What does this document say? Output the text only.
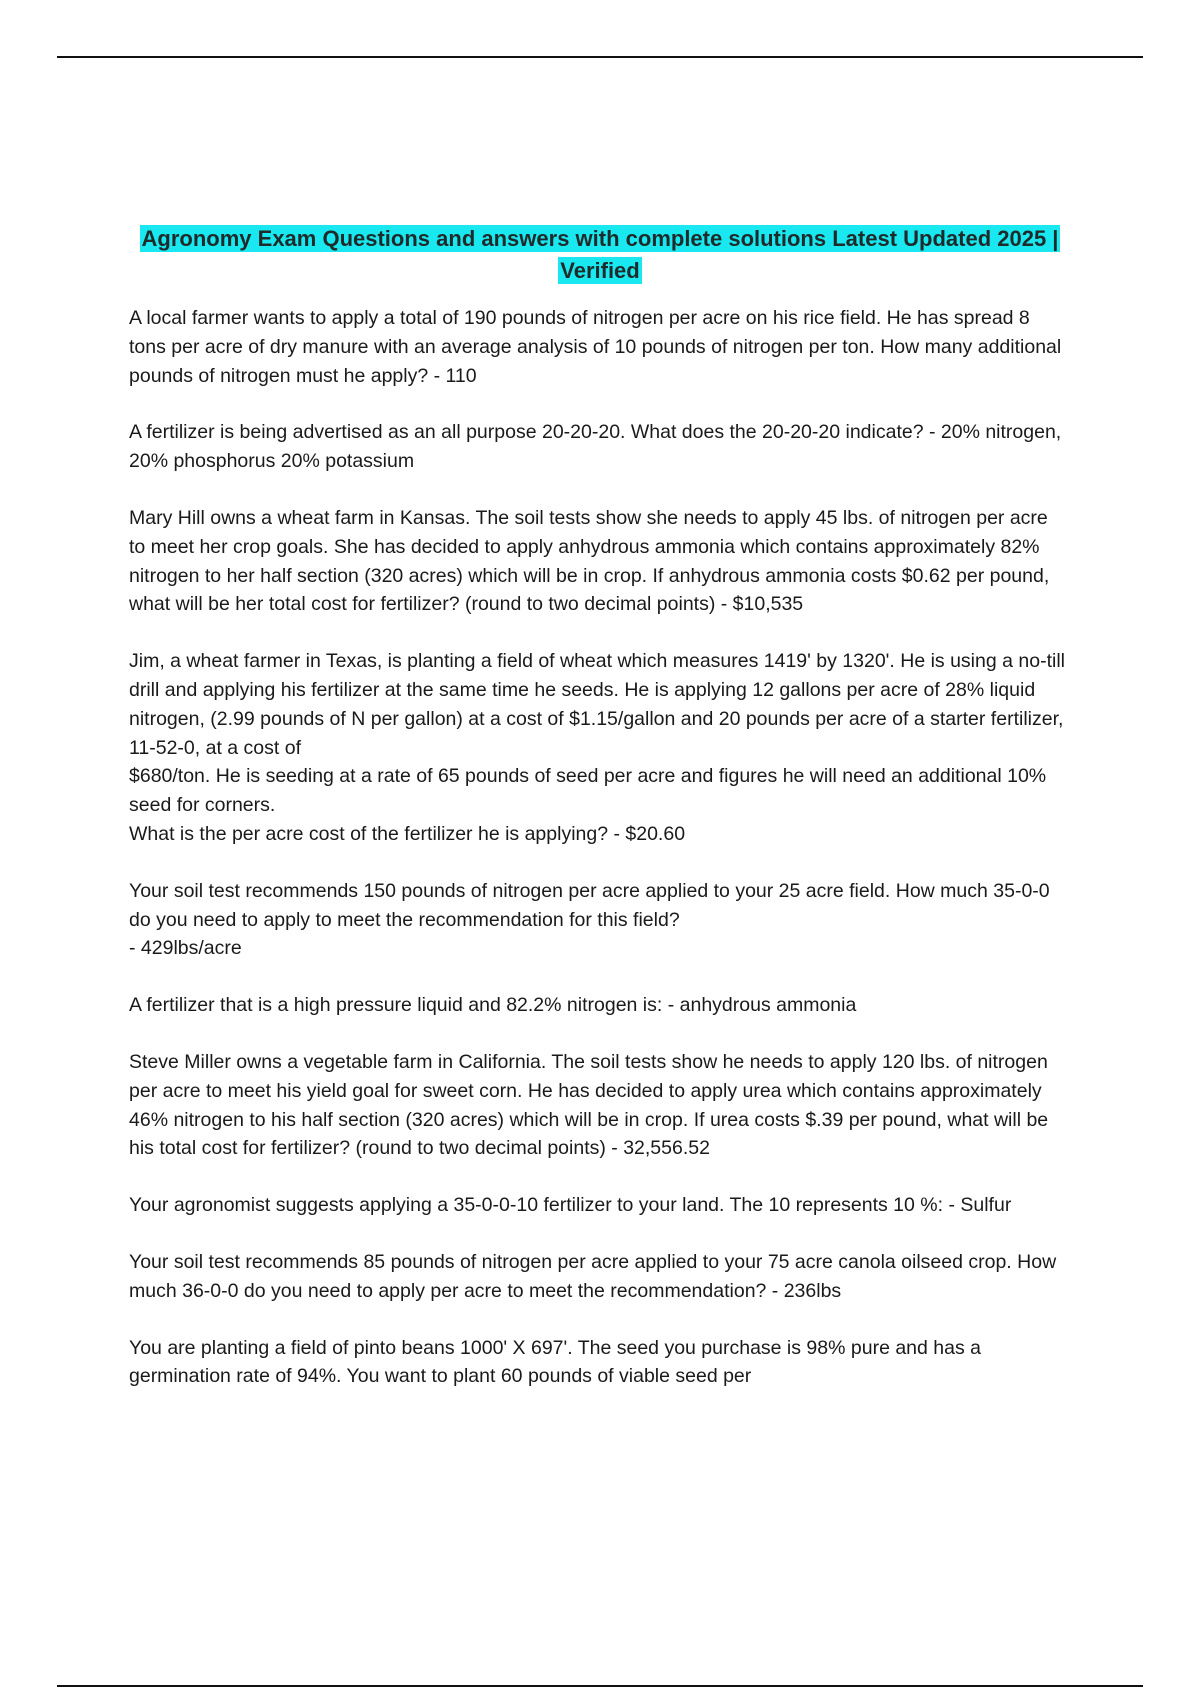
Agronomy Exam Questions and answers with complete solutions Latest Updated 2025 | Verified

A local farmer wants to apply a total of 190 pounds of nitrogen per acre on his rice field. He has spread 8 tons per acre of dry manure with an average analysis of 10 pounds of nitrogen per ton. How many additional pounds of nitrogen must he apply? - 110

A fertilizer is being advertised as an all purpose 20-20-20. What does the 20-20-20 indicate? - 20% nitrogen, 20% phosphorus 20% potassium

Mary Hill owns a wheat farm in Kansas. The soil tests show she needs to apply 45 lbs. of nitrogen per acre to meet her crop goals. She has decided to apply anhydrous ammonia which contains approximately 82% nitrogen to her half section (320 acres) which will be in crop. If anhydrous ammonia costs $0.62 per pound, what will be her total cost for fertilizer? (round to two decimal points) - $10,535

Jim, a wheat farmer in Texas, is planting a field of wheat which measures 1419' by 1320'. He is using a no-till drill and applying his fertilizer at the same time he seeds. He is applying 12 gallons per acre of 28% liquid nitrogen, (2.99 pounds of N per gallon) at a cost of $1.15/gallon and 20 pounds per acre of a starter fertilizer, 11-52-0, at a cost of

$680/ton. He is seeding at a rate of 65 pounds of seed per acre and figures he will need an additional 10% seed for corners.

What is the per acre cost of the fertilizer he is applying? - $20.60

Your soil test recommends 150 pounds of nitrogen per acre applied to your 25 acre field. How much 35-0-0 do you need to apply to meet the recommendation for this field?

- 429lbs/acre

A fertilizer that is a high pressure liquid and 82.2% nitrogen is: - anhydrous ammonia

Steve Miller owns a vegetable farm in California. The soil tests show he needs to apply 120 lbs. of nitrogen per acre to meet his yield goal for sweet corn. He has decided to apply urea which contains approximately 46% nitrogen to his half section (320 acres) which will be in crop. If urea costs $.39 per pound, what will be his total cost for fertilizer? (round to two decimal points) - 32,556.52

Your agronomist suggests applying a 35-0-0-10 fertilizer to your land. The 10 represents 10 %: - Sulfur

Your soil test recommends 85 pounds of nitrogen per acre applied to your 75 acre canola oilseed crop. How much 36-0-0 do you need to apply per acre to meet the recommendation? - 236lbs

You are planting a field of pinto beans 1000' X 697'. The seed you purchase is 98% pure and has a germination rate of 94%. You want to plant 60 pounds of viable seed per
